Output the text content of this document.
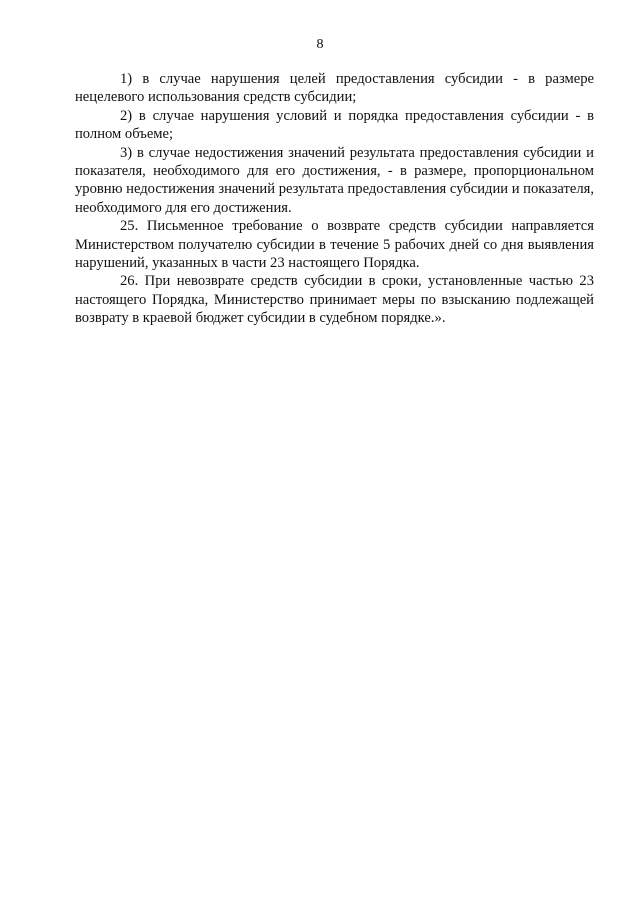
8

1) в случае нарушения целей предоставления субсидии - в размере нецелевого использования средств субсидии;

2) в случае нарушения условий и порядка предоставления субсидии - в полном объеме;

3) в случае недостижения значений результата предоставления субсидии и показателя, необходимого для его достижения, - в размере, пропорциональном уровню недостижения значений результата предоставления субсидии и показателя, необходимого для его достижения.

25. Письменное требование о возврате средств субсидии направляется Министерством получателю субсидии в течение 5 рабочих дней со дня выявления нарушений, указанных в части 23 настоящего Порядка.

26. При невозврате средств субсидии в сроки, установленные частью 23 настоящего Порядка, Министерство принимает меры по взысканию подлежащей возврату в краевой бюджет субсидии в судебном порядке.».
